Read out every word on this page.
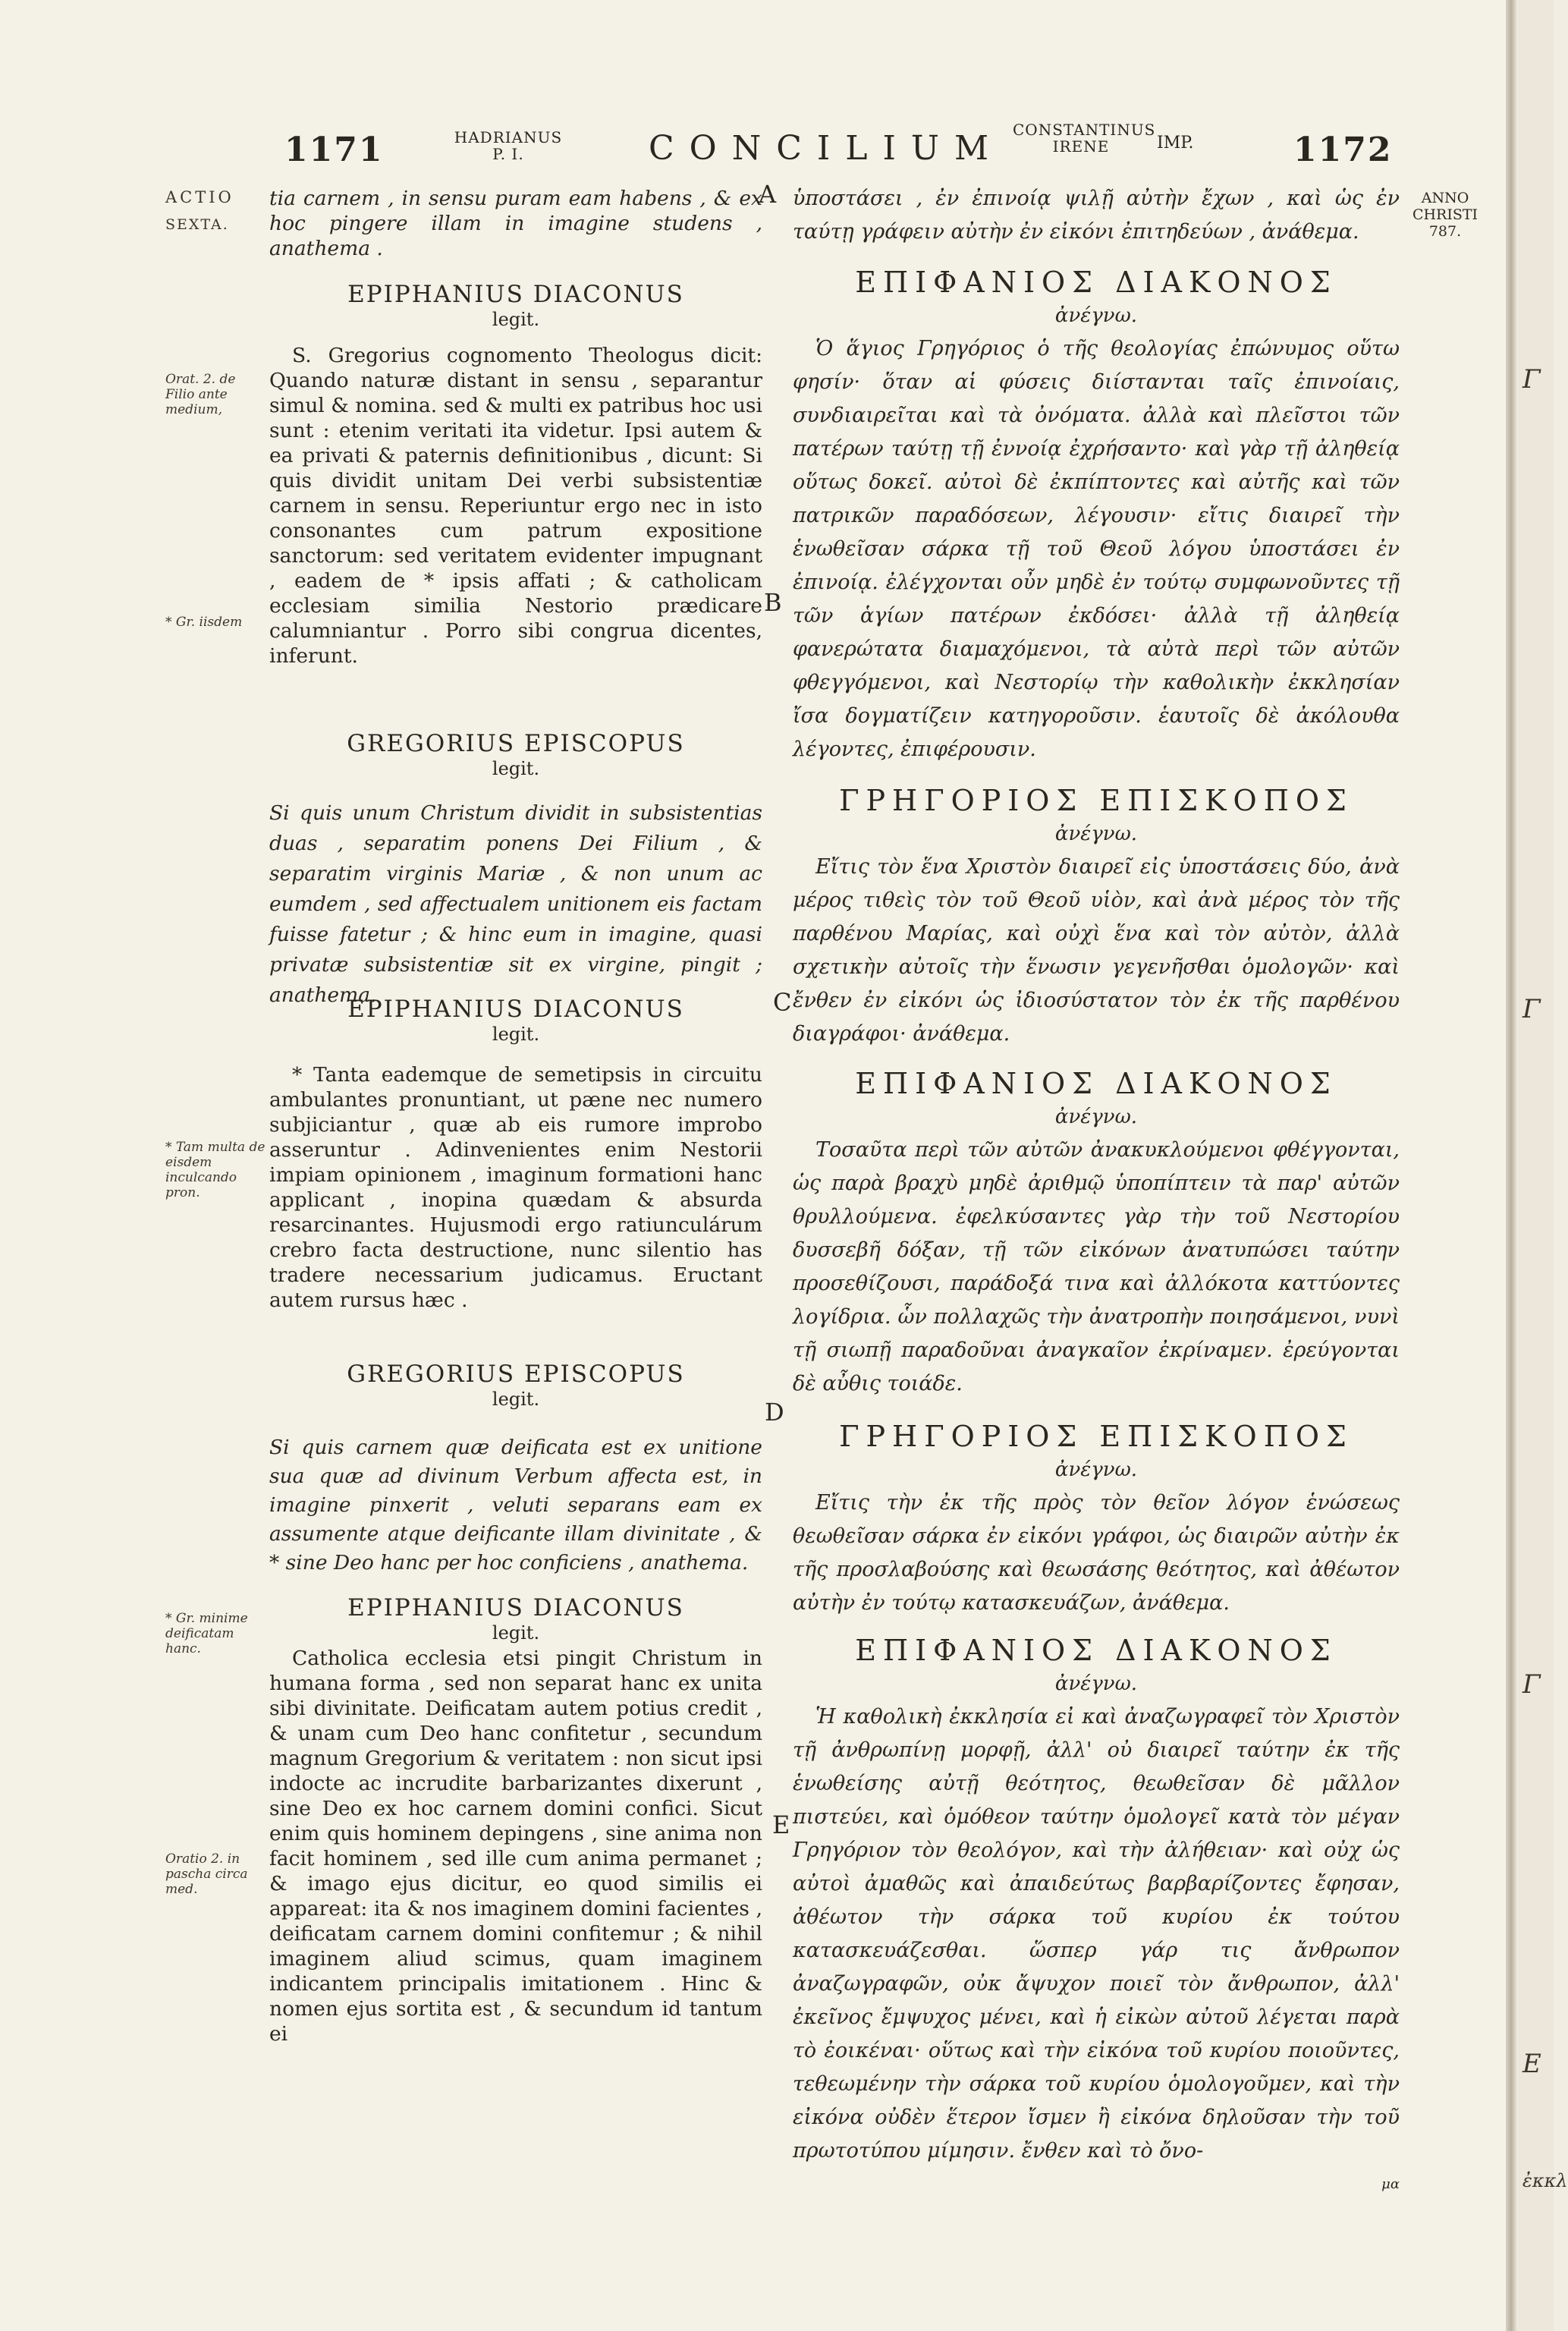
Γ
Γ
Γ
Ε
ἐκκλ
1171	HADRIANUS
P. I.	CONCILIUM CONSTANTINUS
IRENE	IMP.	1172
ACTIO
SEXTA.
Orat. 2. de Filio ante medium,
* Gr. iisdem
* Tam multa de eisdem inculcando pron.
* Gr. minime deificatam hanc.
Oratio 2. in pascha circa med.
ANNO
CHRISTI
787.
A
B
C
D
E
tia carnem , in sensu puram eam habens , & ex hoc pingere illam in imagine studens , anathema .
EPIPHANIUS DIACONUS
legit.
S. Gregorius cognomento Theologus dicit: Quando naturæ distant in sensu , separantur simul & nomina. sed & multi ex patribus hoc usi sunt : etenim veritati ita videtur. Ipsi autem & ea privati & paternis definitionibus , dicunt: Si quis dividit unitam Dei verbi subsistentiæ carnem in sensu. Reperiuntur ergo nec in isto consonantes cum patrum expositione sanctorum: sed veritatem evidenter impugnant , eadem de * ipsis affati ; & catholicam ecclesiam similia Nestorio prædicare calumniantur . Porro sibi congrua dicentes, inferunt.
GREGORIUS EPISCOPUS
legit.
Si quis unum Christum dividit in subsistentias duas , separatim ponens Dei Filium , & separatim virginis Mariæ , & non unum ac eumdem , sed affectualem unitionem eis factam fuisse fatetur ; & hinc eum in imagine, quasi privatæ subsistentiæ sit ex virgine, pingit ; anathema.
EPIPHANIUS DIACONUS
legit.
* Tanta eademque de semetipsis in circuitu ambulantes pronuntiant, ut pæne nec numero subjiciantur , quæ ab eis rumore improbo asseruntur . Adinvenientes enim Nestorii impiam opinionem , imaginum formationi hanc applicant , inopina quædam & absurda resarcinantes. Hujusmodi ergo ratiunculárum crebro facta destructione, nunc silentio has tradere necessarium judicamus. Eructant autem rursus hæc .
GREGORIUS EPISCOPUS
legit.
Si quis carnem quæ deificata est ex unitione sua quæ ad divinum Verbum affecta est, in imagine pinxerit , veluti separans eam ex assumente atque deificante illam divinitate , & * sine Deo hanc per hoc conficiens , anathema.
EPIPHANIUS DIACONUS
legit.
Catholica ecclesia etsi pingit Christum in humana forma , sed non separat hanc ex unita sibi divinitate. Deificatam autem potius credit , & unam cum Deo hanc confitetur , secundum magnum Gregorium & veritatem : non sicut ipsi indocte ac incrudite barbarizantes dixerunt , sine Deo ex hoc carnem domini confici. Sicut enim quis hominem depingens , sine anima non facit hominem , sed ille cum anima permanet ; & imago ejus dicitur, eo quod similis ei appareat: ita & nos imaginem domini facientes , deificatam carnem domini confitemur ; & nihil imaginem aliud scimus, quam imaginem indicantem principalis imitationem . Hinc & nomen ejus sortita est , & secundum id tantum ei
ὑποστάσει , ἐν ἐπινοίᾳ ψιλῇ αὐτὴν ἔχων , καὶ ὡς ἐν ταύτῃ γράφειν αὐτὴν ἐν εἰκόνι ἐπιτηδεύων , ἀνάθεμα.
ΕΠΙΦΑΝΙΟΣ ΔΙΑΚΟΝΟΣ
ἀνέγνω.
Ὁ ἅγιος Γρηγόριος ὁ τῆς θεολογίας ἐπώνυμος οὕτω φησίν· ὅταν αἱ φύσεις διίστανται ταῖς ἐπινοίαις, συνδιαιρεῖται καὶ τὰ ὀνόματα. ἀλλὰ καὶ πλεῖστοι τῶν πατέρων ταύτῃ τῇ ἐννοίᾳ ἐχρήσαντο· καὶ γὰρ τῇ ἀληθείᾳ οὕτως δοκεῖ. αὐτοὶ δὲ ἐκπίπτοντες καὶ αὐτῆς καὶ τῶν πατρικῶν παραδόσεων, λέγουσιν· εἴτις διαιρεῖ τὴν ἑνωθεῖσαν σάρκα τῇ τοῦ Θεοῦ λόγου ὑποστάσει ἐν ἐπινοίᾳ. ἐλέγχονται οὖν μηδὲ ἐν τούτῳ συμφωνοῦντες τῇ τῶν ἁγίων πατέρων ἐκδόσει· ἀλλὰ τῇ ἀληθείᾳ φανερώτατα διαμαχόμενοι, τὰ αὐτὰ περὶ τῶν αὐτῶν φθεγγόμενοι, καὶ Νεστορίῳ τὴν καθολικὴν ἐκκλησίαν ἴσα δογματίζειν κατηγοροῦσιν. ἑαυτοῖς δὲ ἀκόλουθα λέγοντες, ἐπιφέρουσιν.
ΓΡΗΓΟΡΙΟΣ ΕΠΙΣΚΟΠΟΣ
ἀνέγνω.
Εἴτις τὸν ἕνα Χριστὸν διαιρεῖ εἰς ὑποστάσεις δύο, ἀνὰ μέρος τιθεὶς τὸν τοῦ Θεοῦ υἱὸν, καὶ ἀνὰ μέρος τὸν τῆς παρθένου Μαρίας, καὶ οὐχὶ ἕνα καὶ τὸν αὐτὸν, ἀλλὰ σχετικὴν αὐτοῖς τὴν ἕνωσιν γεγενῆσθαι ὁμολογῶν· καὶ ἔνθεν ἐν εἰκόνι ὡς ἰδιοσύστατον τὸν ἐκ τῆς παρθένου διαγράφοι· ἀνάθεμα.
ΕΠΙΦΑΝΙΟΣ ΔΙΑΚΟΝΟΣ
ἀνέγνω.
Τοσαῦτα περὶ τῶν αὐτῶν ἀνακυκλούμενοι φθέγγονται, ὡς παρὰ βραχὺ μηδὲ ἀριθμῷ ὑποπίπτειν τὰ παρ' αὐτῶν θρυλλούμενα. ἐφελκύσαντες γὰρ τὴν τοῦ Νεστορίου δυσσεβῆ δόξαν, τῇ τῶν εἰκόνων ἀνατυπώσει ταύτην προσεθίζουσι, παράδοξά τινα καὶ ἀλλόκοτα καττύοντες λογίδρια. ὧν πολλαχῶς τὴν ἀνατροπὴν ποιησάμενοι, νυνὶ τῇ σιωπῇ παραδοῦναι ἀναγκαῖον ἐκρίναμεν. ἐρεύγονται δὲ αὖθις τοιάδε.
ΓΡΗΓΟΡΙΟΣ ΕΠΙΣΚΟΠΟΣ
ἀνέγνω.
Εἴτις τὴν ἐκ τῆς πρὸς τὸν θεῖον λόγον ἑνώσεως θεωθεῖσαν σάρκα ἐν εἰκόνι γράφοι, ὡς διαιρῶν αὐτὴν ἐκ τῆς προσλαβούσης καὶ θεωσάσης θεότητος, καὶ ἀθέωτον αὐτὴν ἐν τούτῳ κατασκευάζων, ἀνάθεμα.
ΕΠΙΦΑΝΙΟΣ ΔΙΑΚΟΝΟΣ
ἀνέγνω.
Ἡ καθολικὴ ἐκκλησία εἰ καὶ ἀναζωγραφεῖ τὸν Χριστὸν τῇ ἀνθρωπίνῃ μορφῇ, ἀλλ' οὐ διαιρεῖ ταύτην ἐκ τῆς ἑνωθείσης αὐτῇ θεότητος, θεωθεῖσαν δὲ μᾶλλον πιστεύει, καὶ ὁμόθεον ταύτην ὁμολογεῖ κατὰ τὸν μέγαν Γρηγόριον τὸν θεολόγον, καὶ τὴν ἀλήθειαν· καὶ οὐχ ὡς αὐτοὶ ἀμαθῶς καὶ ἀπαιδεύτως βαρβαρίζοντες ἔφησαν, ἀθέωτον τὴν σάρκα τοῦ κυρίου ἐκ τούτου κατασκευάζεσθαι. ὥσπερ γάρ τις ἄνθρωπον ἀναζωγραφῶν, οὐκ ἄψυχον ποιεῖ τὸν ἄνθρωπον, ἀλλ' ἐκεῖνος ἔμψυχος μένει, καὶ ἡ εἰκὼν αὐτοῦ λέγεται παρὰ τὸ ἐοικέναι· οὕτως καὶ τὴν εἰκόνα τοῦ κυρίου ποιοῦντες, τεθεωμένην τὴν σάρκα τοῦ κυρίου ὁμολογοῦμεν, καὶ τὴν εἰκόνα οὐδὲν ἕτερον ἴσμεν ἢ εἰκόνα δηλοῦσαν τὴν τοῦ πρωτοτύπου μίμησιν. ἔνθεν καὶ τὸ ὄνο-
μα
